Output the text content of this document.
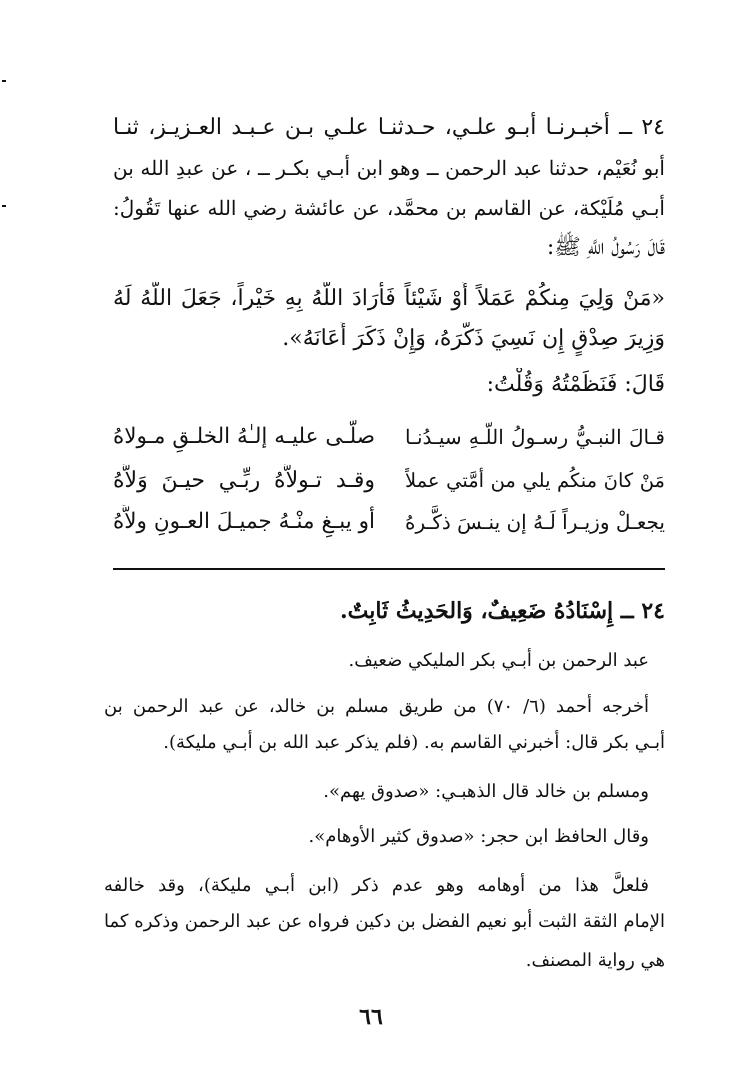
٢٤ ــ أخبـرنـا أبـو علـي، حـدثنـا علـي بـن عـبـد العـزيـز، ثنـا
أبو نُعَيْم، حدثنا عبد الرحمن ــ وهو ابن أبـي بكـر ــ ، عن عبدِ الله بن
أبـي مُلَيْكة، عن القاسم بن محمَّد، عن عائشة رضي الله عنها تَقُولُ:
قَالَ رَسُولُ اللَّهِ ﷺ:
«مَنْ وَلِيَ مِنكُمْ عَمَلاً أَوْ شَيْئاً فَأَرَادَ اللَّهُ بِهِ خَيْراً، جَعَلَ اللَّهُ لَهُ
وَزِيرَ صِدْقٍ إِن نَسِيَ ذَكَّرَهُ، وَإِنْ ذَكَرَ أَعَانَهُ».
قَالَ: فَنَظَمْتُهُ وَقُلْتُ:
قـالَ النبـيُّ رسـولُ اللّـهِ سيـدُنـا
صلَّـى عليـه إلـٰهُ الخلـقِ مـولاهُ
مَنْ كانَ منكُم يلي من أمَّتي عملاً
وقـد تـولاَّهُ ربِّـي حيـنَ وَلاَّهُ
يجعـلْ وزيـراً لَـهُ إن ينـسَ ذكَّـرهُ
أو يبـغِ منْـهُ جميـلَ العـونِ ولاَّهُ
٢٤ ــ إِسْنَادُهُ ضَعِيفٌ، وَالحَدِيثُ ثَابِتٌ.
عبد الرحمن بن أبـي بكر المليكي ضعيف.
أخرجه أحمد (٦/ ٧٠) من طريق مسلم بن خالد، عن عبد الرحمن بن
أبـي بكر قال: أخبرني القاسم به. (فلم يذكر عبد الله بن أبـي مليكة).
ومسلم بن خالد قال الذهبـي: «صدوق يهم».
وقال الحافظ ابن حجر: «صدوق كثير الأوهام».
فلعلَّ هذا من أوهامه وهو عدم ذكر (ابن أبـي مليكة)، وقد خالفه
الإمام الثقة الثبت أبو نعيم الفضل بن دكين فرواه عن عبد الرحمن وذكره كما
هي رواية المصنف.
٦٦
